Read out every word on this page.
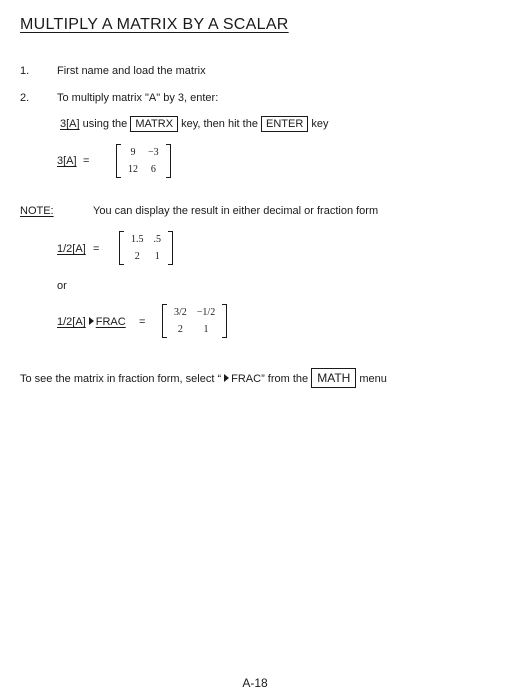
MULTIPLY A MATRIX BY A SCALAR
1.	First name and load the matrix
2.	To multiply matrix "A" by 3, enter:
3[A] using the MATRX key, then hit the ENTER key
3[A] =
9	−3
12	6
NOTE:	You can display the result in either decimal or fraction form
1/2[A] =
1.5	.5
2	1
or
1/2[A] FRAC =
3/2	−1/2
2	1
To see the matrix in fraction form, select “ FRAC” from the MATH menu
A-18
